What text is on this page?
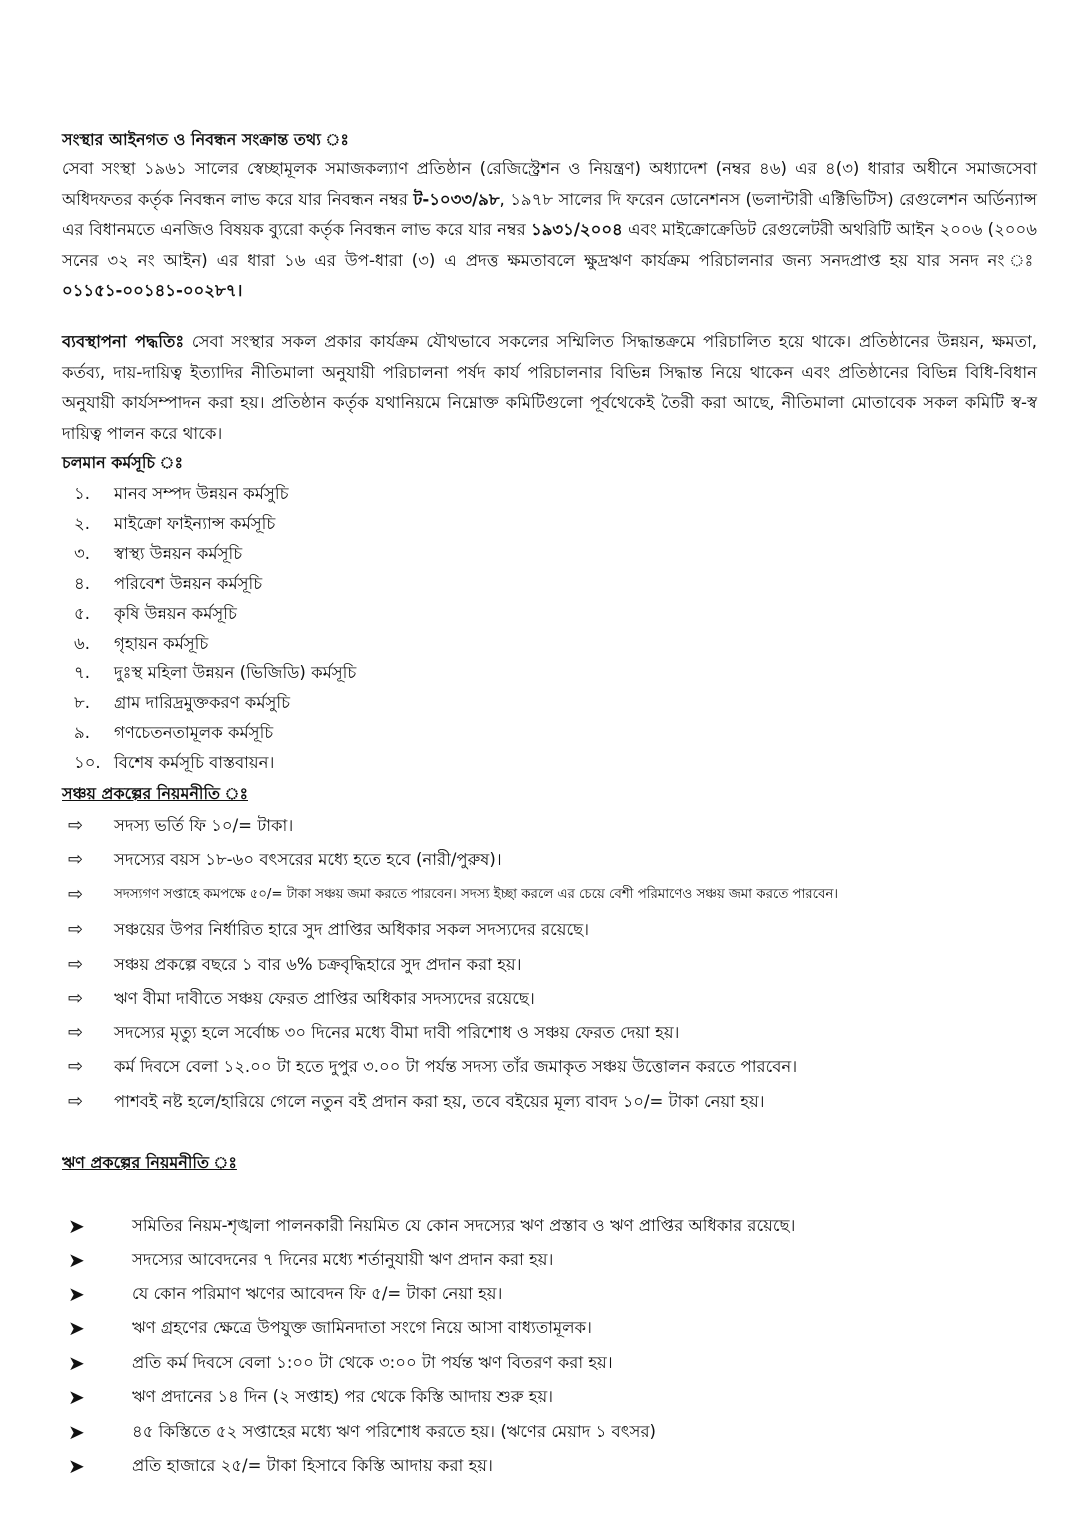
সংস্থার আইনগত ও নিবন্ধন সংক্রান্ত তথ্য ঃ
সেবা সংস্থা ১৯৬১ সালের স্বেচ্ছামূলক সমাজকল্যাণ প্রতিষ্ঠান (রেজিস্ট্রেশন ও নিয়ন্ত্রণ) অধ্যাদেশ (নম্বর ৪৬) এর ৪(৩) ধারার অধীনে সমাজসেবা অধিদফতর কর্তৃক নিবন্ধন লাভ করে যার নিবন্ধন নম্বর ট-১০৩৩/৯৮, ১৯৭৮ সালের দি ফরেন ডোনেশনস (ভলান্টারী এক্টিভিটিস) রেগুলেশন অর্ডিন্যান্স এর বিধানমতে এনজিও বিষয়ক ব্যুরো কর্তৃক নিবন্ধন লাভ করে যার নম্বর ১৯৩১/২০০৪ এবং মাইক্রোক্রেডিট রেগুলেটরী অথরিটি আইন ২০০৬ (২০০৬ সনের ৩২ নং আইন) এর ধারা ১৬ এর উপ-ধারা (৩) এ প্রদত্ত ক্ষমতাবলে ক্ষুদ্রঋণ কার্যক্রম পরিচালনার জন্য সনদপ্রাপ্ত হয় যার সনদ নং ঃ ০১১৫১-০০১৪১-০০২৮৭।
ব্যবস্থাপনা পদ্ধতিঃ সেবা সংস্থার সকল প্রকার কার্যক্রম যৌথভাবে সকলের সম্মিলিত সিদ্ধান্তক্রমে পরিচালিত হয়ে থাকে। প্রতিষ্ঠানের উন্নয়ন, ক্ষমতা, কর্তব্য, দায়-দায়িত্ব ইত্যাদির নীতিমালা অনুযায়ী পরিচালনা পর্ষদ কার্য পরিচালনার বিভিন্ন সিদ্ধান্ত নিয়ে থাকেন এবং প্রতিষ্ঠানের বিভিন্ন বিধি-বিধান অনুযায়ী কার্যসম্পাদন করা হয়। প্রতিষ্ঠান কর্তৃক যথানিয়মে নিম্নোক্ত কমিটিগুলো পূর্বথেকেই তৈরী করা আছে, নীতিমালা মোতাবেক সকল কমিটি স্ব-স্ব দায়িত্ব পালন করে থাকে।
চলমান কর্মসূচি ঃ
১.	মানব সম্পদ উন্নয়ন কর্মসুচি
২.	মাইক্রো ফাইন্যান্স কর্মসূচি
৩.	স্বাস্থ্য উন্নয়ন কর্মসূচি
৪.	পরিবেশ উন্নয়ন কর্মসূচি
৫.	কৃষি উন্নয়ন কর্মসূচি
৬.	গৃহায়ন কর্মসূচি
৭.	দুঃস্থ মহিলা উন্নয়ন (ভিজিডি) কর্মসূচি
৮.	গ্রাম দারিদ্রমুক্তকরণ কর্মসুচি
৯.	গণচেতনতামূলক কর্মসূচি
১০. বিশেষ কর্মসূচি বাস্তবায়ন।
সঞ্চয় প্রকল্পের নিয়মনীতি ঃ
⇨ সদস্য ভর্তি ফি ১০/= টাকা।
⇨ সদস্যের বয়স ১৮-৬০ বৎসরের মধ্যে হতে হবে (নারী/পুরুষ)।
⇨ সদস্যগণ সপ্তাহে কমপক্ষে ৫০/= টাকা সঞ্চয় জমা করতে পারবেন। সদস্য ইচ্ছা করলে এর চেয়ে বেশী পরিমাণেও সঞ্চয় জমা করতে পারবেন।
⇨ সঞ্চয়ের উপর নির্ধারিত হারে সুদ প্রাপ্তির অধিকার সকল সদস্যদের রয়েছে।
⇨ সঞ্চয় প্রকল্পে বছরে ১ বার ৬% চক্রবৃদ্ধিহারে সুদ প্রদান করা হয়।
⇨ ঋণ বীমা দাবীতে সঞ্চয় ফেরত প্রাপ্তির অধিকার সদস্যদের রয়েছে।
⇨ সদস্যের মৃত্যু হলে সর্বোচ্চ ৩০ দিনের মধ্যে বীমা দাবী পরিশোধ ও সঞ্চয় ফেরত দেয়া হয়।
⇨ কর্ম দিবসে বেলা ১২.০০ টা হতে দুপুর ৩.০০ টা পর্যন্ত সদস্য তাঁর জমাকৃত সঞ্চয় উত্তোলন করতে পারবেন।
⇨ পাশবই নষ্ট হলে/হারিয়ে গেলে নতুন বই প্রদান করা হয়, তবে বইয়ের মূল্য বাবদ ১০/= টাকা নেয়া হয়।
ঋণ প্রকল্পের নিয়মনীতি ঃ
➤	সমিতির নিয়ম-শৃঙ্খলা পালনকারী নিয়মিত যে কোন সদস্যের ঋণ প্রস্তাব ও ঋণ প্রাপ্তির অধিকার রয়েছে।
➤	সদস্যের আবেদনের ৭ দিনের মধ্যে শর্তানুযায়ী ঋণ প্রদান করা হয়।
➤	যে কোন পরিমাণ ঋণের আবেদন ফি ৫/= টাকা নেয়া হয়।
➤	ঋণ গ্রহণের ক্ষেত্রে উপযুক্ত জামিনদাতা সংগে নিয়ে আসা বাধ্যতামূলক।
➤	প্রতি কর্ম দিবসে বেলা ১:০০ টা থেকে ৩:০০ টা পর্যন্ত ঋণ বিতরণ করা হয়।
➤	ঋণ প্রদানের ১৪ দিন (২ সপ্তাহ) পর থেকে কিস্তি আদায় শুরু হয়।
➤	৪৫ কিস্তিতে ৫২ সপ্তাহের মধ্যে ঋণ পরিশোধ করতে হয়। (ঋণের মেয়াদ ১ বৎসর)
➤	প্রতি হাজারে ২৫/= টাকা হিসাবে কিস্তি আদায় করা হয়।
